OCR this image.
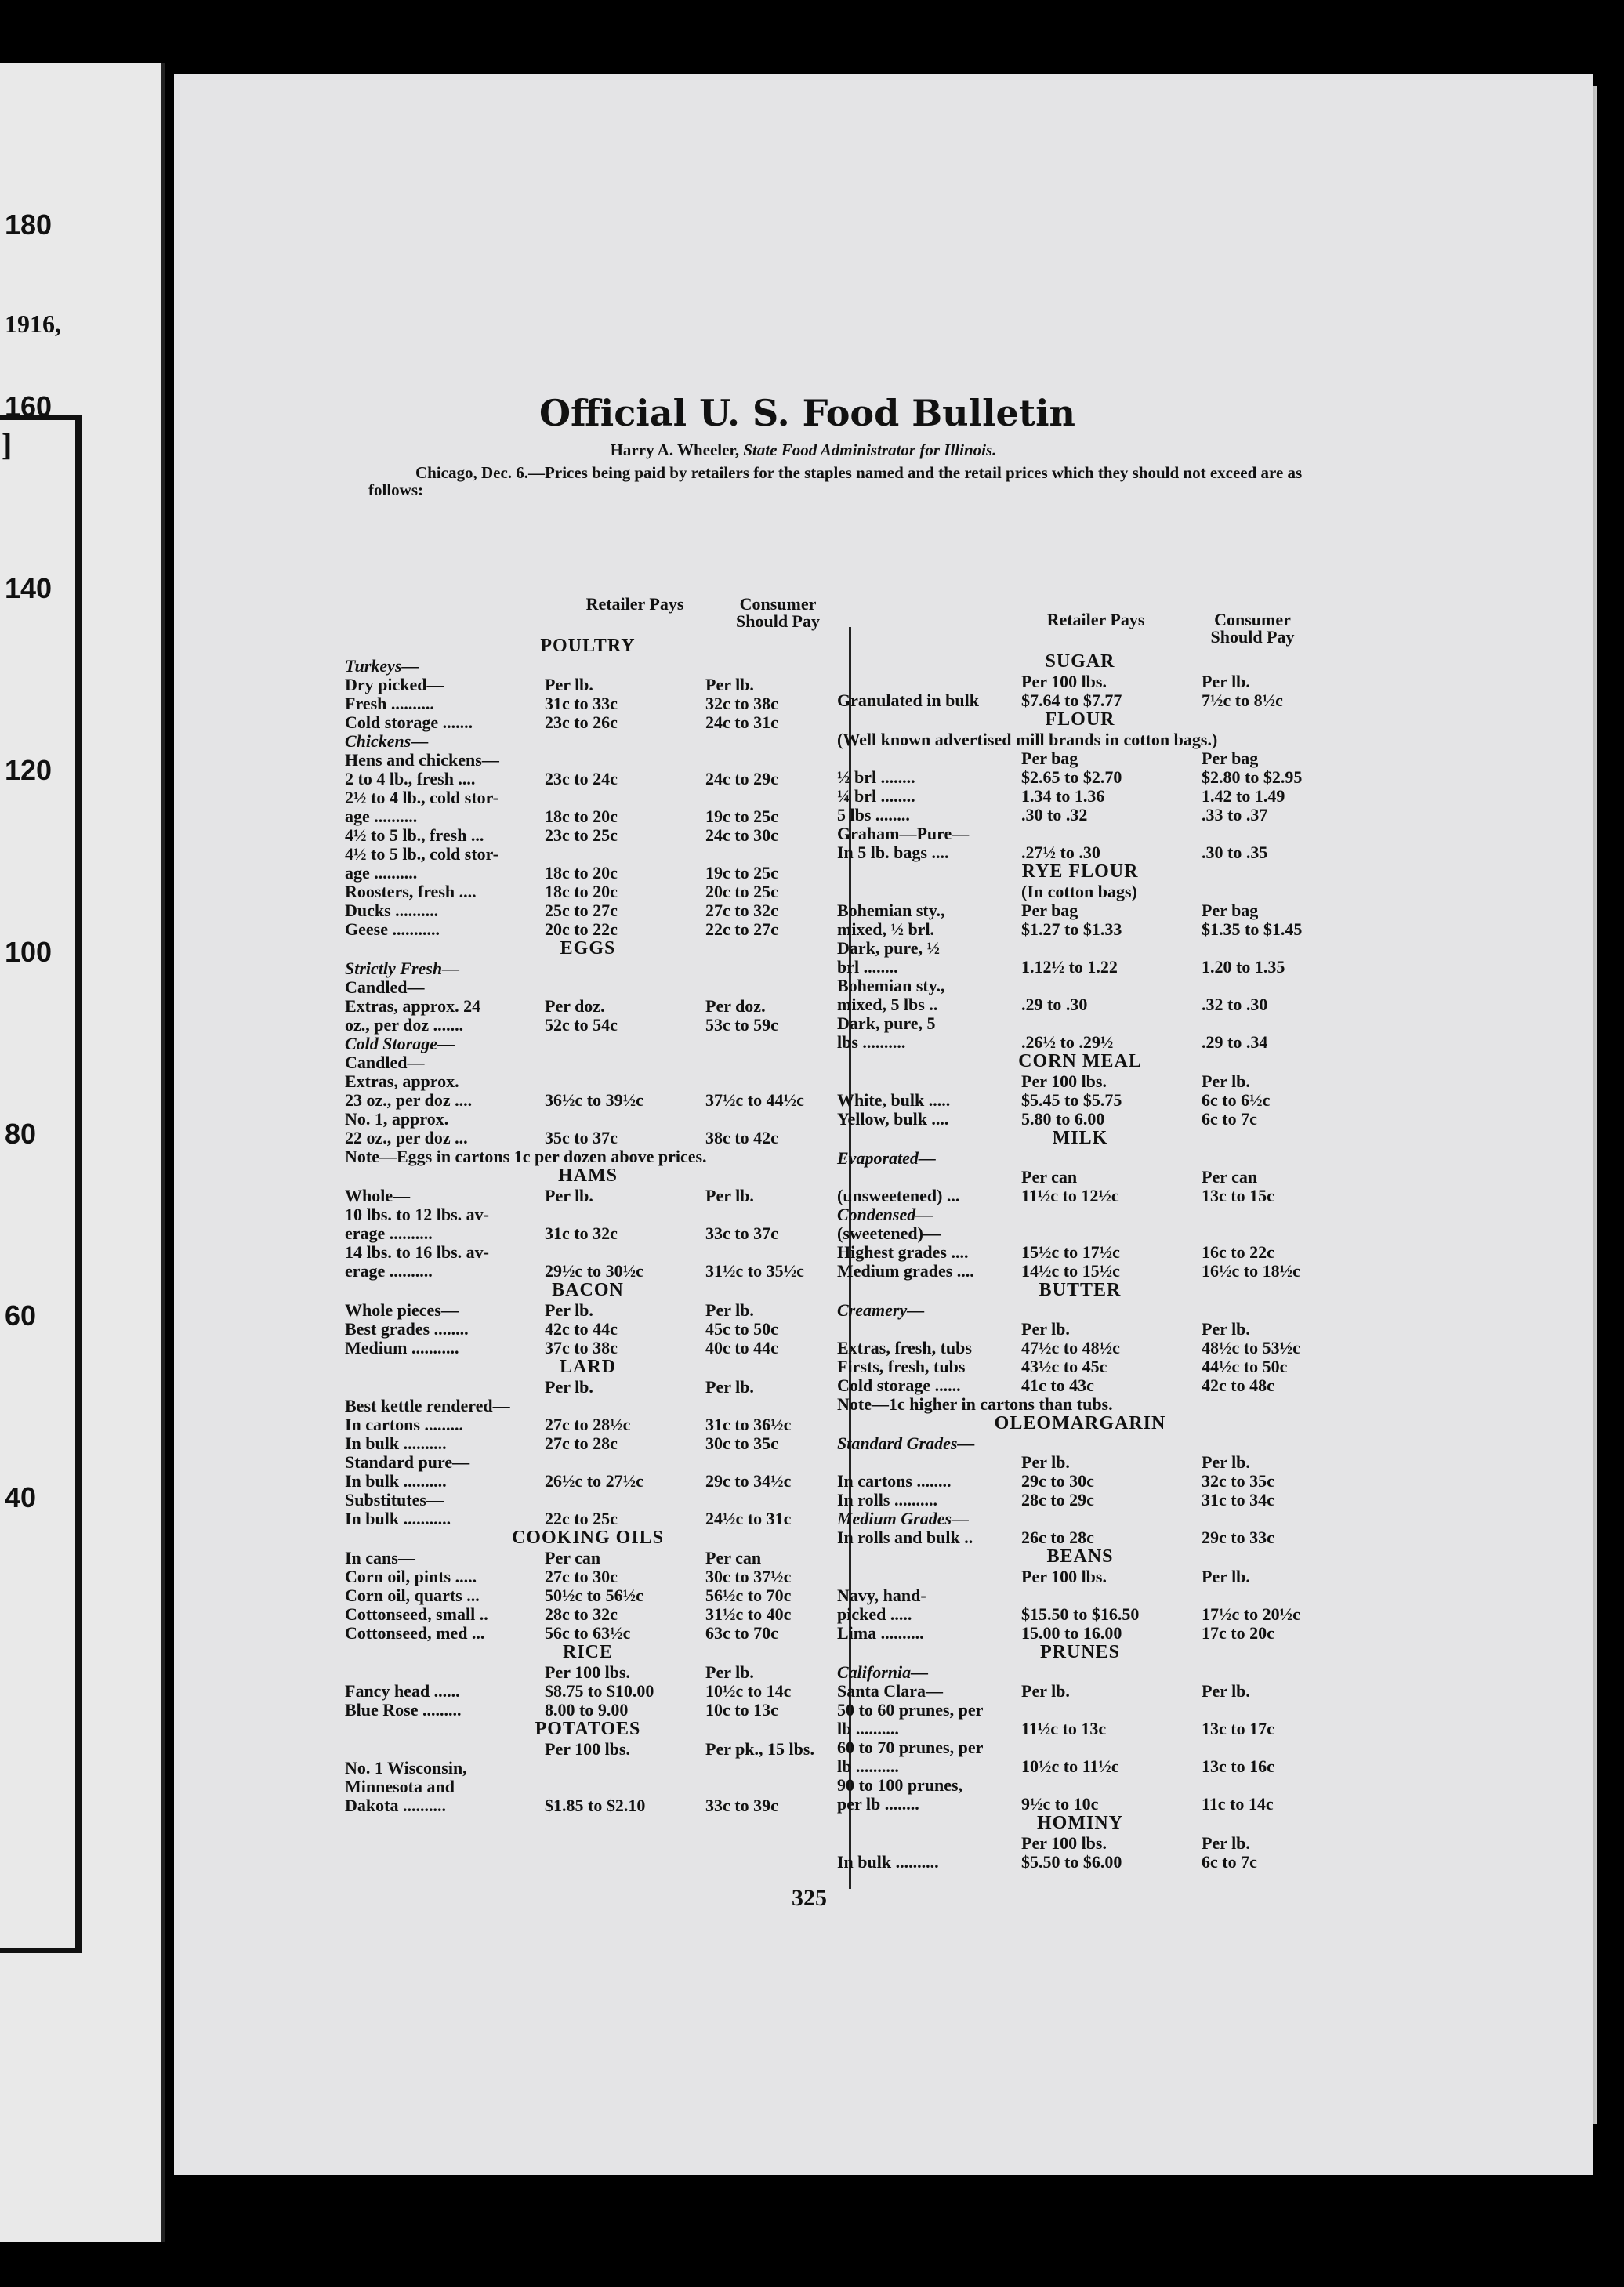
1916,
]
180
160
140
120
100
80
60
40
Official U. S. Food Bulletin
Harry A. Wheeler, State Food Administrator for Illinois.
Chicago, Dec. 6.—Prices being paid by retailers for the staples named and the retail prices which they should not exceed are as follows:
Retailer Pays	Consumer Should Pay
POULTRY
Turkeys—
Dry picked—	Per lb.	Per lb.
Fresh ..........	31c to 33c	32c to 38c
Cold storage .......	23c to 26c	24c to 31c
Chickens—
Hens and chickens—
2 to 4 lb., fresh ....	23c to 24c	24c to 29c
2½ to 4 lb., cold stor-
age ..........	18c to 20c	19c to 25c
4½ to 5 lb., fresh ...	23c to 25c	24c to 30c
4½ to 5 lb., cold stor-
age ..........	18c to 20c	19c to 25c
Roosters, fresh ....	18c to 20c	20c to 25c
Ducks ..........	25c to 27c	27c to 32c
Geese ...........	20c to 22c	22c to 27c
EGGS
Strictly Fresh—
Candled—
Extras, approx. 24	Per doz.	Per doz.
oz., per doz .......	52c to 54c	53c to 59c
Cold Storage—
Candled—
Extras, approx.
23 oz., per doz ....	36½c to 39½c	37½c to 44½c
No. 1, approx.
22 oz., per doz ...	35c to 37c	38c to 42c
Note—Eggs in cartons 1c per dozen above prices.
HAMS
Whole—	Per lb.	Per lb.
10 lbs. to 12 lbs. av-
erage ..........	31c to 32c	33c to 37c
14 lbs. to 16 lbs. av-
erage ..........	29½c to 30½c	31½c to 35½c
BACON
Whole pieces—	Per lb.	Per lb.
Best grades ........	42c to 44c	45c to 50c
Medium ...........	37c to 38c	40c to 44c
LARD
Per lb.	Per lb.
Best kettle rendered—
In cartons .........	27c to 28½c	31c to 36½c
In bulk ..........	27c to 28c	30c to 35c
Standard pure—
In bulk ..........	26½c to 27½c	29c to 34½c
Substitutes—
In bulk ...........	22c to 25c	24½c to 31c
COOKING OILS
In cans—	Per can	Per can
Corn oil, pints .....	27c to 30c	30c to 37½c
Corn oil, quarts ...	50½c to 56½c	56½c to 70c
Cottonseed, small ..	28c to 32c	31½c to 40c
Cottonseed, med ...	56c to 63½c	63c to 70c
RICE
Per 100 lbs.	Per lb.
Fancy head ......	$8.75 to $10.00	10½c to 14c
Blue Rose .........	8.00 to 9.00	10c to 13c
POTATOES
Per 100 lbs.	Per pk., 15 lbs.
No. 1 Wisconsin,
Minnesota and
Dakota ..........	$1.85 to $2.10	33c to 39c
Retailer Pays	Consumer Should Pay
SUGAR
Per 100 lbs.	Per lb.
Granulated in bulk $7.64 to $7.77	7½c to 8½c
FLOUR
(Well known advertised mill brands in cotton bags.)
Per bag	Per bag
½ brl ........	$2.65 to $2.70	$2.80 to $2.95
¼ brl ........	1.34 to 1.36	1.42 to 1.49
5 lbs ........	.30 to .32	.33 to .37
Graham—Pure—
In 5 lb. bags ....	.27½ to .30	.30 to .35
RYE FLOUR
(In cotton bags)
Bohemian sty.,	Per bag	Per bag
mixed, ½ brl.	$1.27 to $1.33	$1.35 to $1.45
Dark, pure, ½
brl ........	1.12½ to 1.22	1.20 to 1.35
Bohemian sty.,
mixed, 5 lbs ..	.29 to .30	.32 to .30
Dark, pure, 5
lbs ..........	.26½ to .29½	.29 to .34
CORN MEAL
Per 100 lbs.	Per lb.
White, bulk .....	$5.45 to $5.75	6c to 6½c
Yellow, bulk ....	5.80 to 6.00	6c to 7c
MILK
Evaporated—
Per can	Per can
(unsweetened) ...	11½c to 12½c	13c to 15c
Condensed—
(sweetened)—
Highest grades ....	15½c to 17½c	16c to 22c
Medium grades ....	14½c to 15½c	16½c to 18½c
BUTTER
Creamery—
Per lb.	Per lb.
Extras, fresh, tubs	47½c to 48½c	48½c to 53½c
Firsts, fresh, tubs	43½c to 45c	44½c to 50c
Cold storage ......	41c to 43c	42c to 48c
Note—1c higher in cartons than tubs.
OLEOMARGARIN
Standard Grades—
Per lb.	Per lb.
In cartons ........	29c to 30c	32c to 35c
In rolls ..........	28c to 29c	31c to 34c
Medium Grades—
In rolls and bulk ..	26c to 28c	29c to 33c
BEANS
Per 100 lbs.	Per lb.
Navy, hand-
picked .....	$15.50 to $16.50	17½c to 20½c
Lima ..........	15.00 to 16.00	17c to 20c
PRUNES
California—
Santa Clara—	Per lb.	Per lb.
50 to 60 prunes, per
lb ..........	11½c to 13c	13c to 17c
60 to 70 prunes, per
lb ..........	10½c to 11½c	13c to 16c
90 to 100 prunes,
per lb ........	9½c to 10c	11c to 14c
HOMINY
Per 100 lbs.	Per lb.
In bulk ..........	$5.50 to $6.00	6c to 7c
325
